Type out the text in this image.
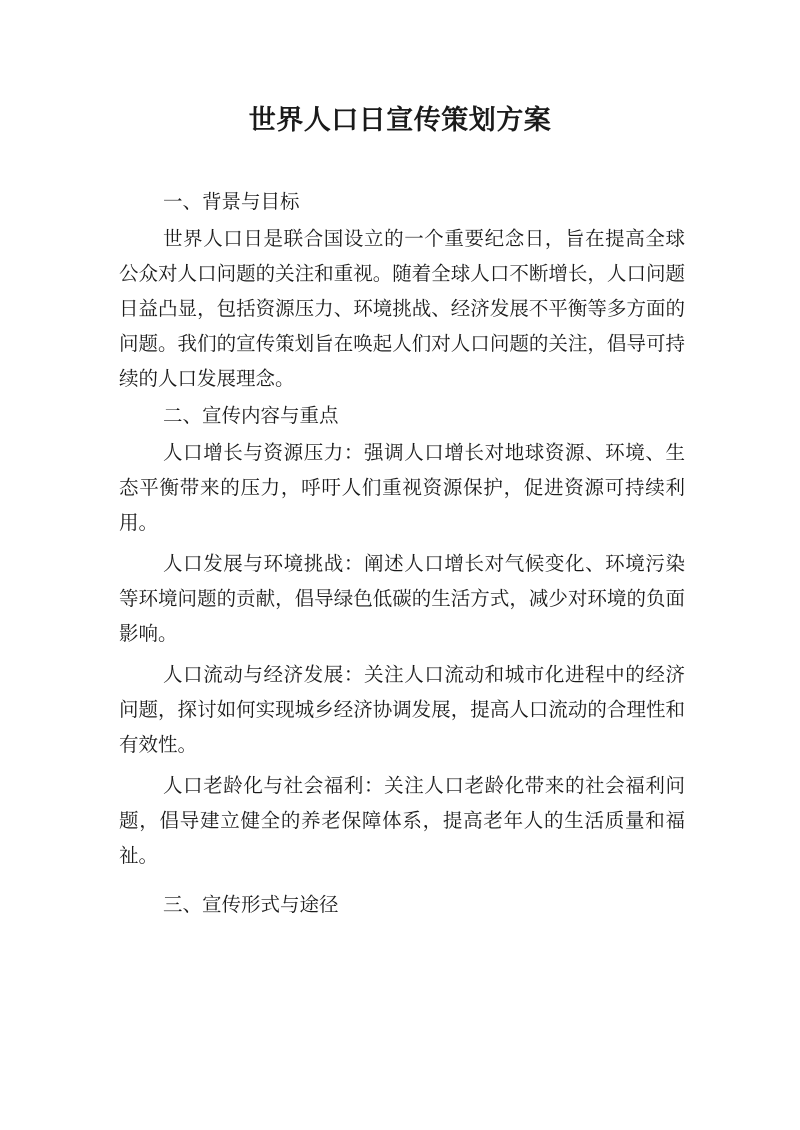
世界人口日宣传策划方案

一、背景与目标

世界人口日是联合国设立的一个重要纪念日，旨在提高全球公众对人口问题的关注和重视。随着全球人口不断增长，人口问题日益凸显，包括资源压力、环境挑战、经济发展不平衡等多方面的问题。我们的宣传策划旨在唤起人们对人口问题的关注，倡导可持续的人口发展理念。

二、宣传内容与重点

人口增长与资源压力：强调人口增长对地球资源、环境、生态平衡带来的压力，呼吁人们重视资源保护，促进资源可持续利用。

人口发展与环境挑战：阐述人口增长对气候变化、环境污染等环境问题的贡献，倡导绿色低碳的生活方式，减少对环境的负面影响。

人口流动与经济发展：关注人口流动和城市化进程中的经济问题，探讨如何实现城乡经济协调发展，提高人口流动的合理性和有效性。

人口老龄化与社会福利：关注人口老龄化带来的社会福利问题，倡导建立健全的养老保障体系，提高老年人的生活质量和福祉。

三、宣传形式与途径
